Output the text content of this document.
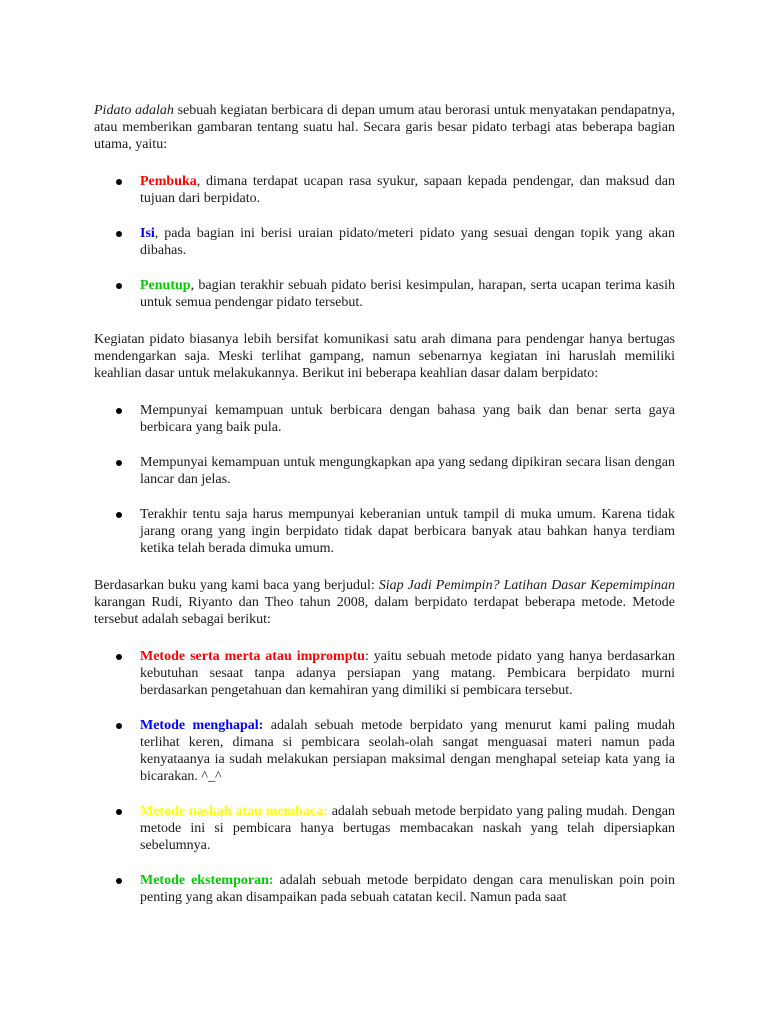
Pidato adalah sebuah kegiatan berbicara di depan umum atau berorasi untuk menyatakan pendapatnya, atau memberikan gambaran tentang suatu hal. Secara garis besar pidato terbagi atas beberapa bagian utama, yaitu:

Pembuka, dimana terdapat ucapan rasa syukur, sapaan kepada pendengar, dan maksud dan tujuan dari berpidato.
Isi, pada bagian ini berisi uraian pidato/meteri pidato yang sesuai dengan topik yang akan dibahas.
Penutup, bagian terakhir sebuah pidato berisi kesimpulan, harapan, serta ucapan terima kasih untuk semua pendengar pidato tersebut.

Kegiatan pidato biasanya lebih bersifat komunikasi satu arah dimana para pendengar hanya bertugas mendengarkan saja. Meski terlihat gampang, namun sebenarnya kegiatan ini haruslah memiliki keahlian dasar untuk melakukannya. Berikut ini beberapa keahlian dasar dalam berpidato:

Mempunyai kemampuan untuk berbicara dengan bahasa yang baik dan benar serta gaya berbicara yang baik pula.
Mempunyai kemampuan untuk mengungkapkan apa yang sedang dipikiran secara lisan dengan lancar dan jelas.
Terakhir tentu saja harus mempunyai keberanian untuk tampil di muka umum. Karena tidak jarang orang yang ingin berpidato tidak dapat berbicara banyak atau bahkan hanya terdiam ketika telah berada dimuka umum.

Berdasarkan buku yang kami baca yang berjudul: Siap Jadi Pemimpin? Latihan Dasar Kepemimpinan karangan Rudi, Riyanto dan Theo tahun 2008, dalam berpidato terdapat beberapa metode. Metode tersebut adalah sebagai berikut:

Metode serta merta atau impromptu: yaitu sebuah metode pidato yang hanya berdasarkan kebutuhan sesaat tanpa adanya persiapan yang matang. Pembicara berpidato murni berdasarkan pengetahuan dan kemahiran yang dimiliki si pembicara tersebut.
Metode menghapal: adalah sebuah metode berpidato yang menurut kami paling mudah terlihat keren, dimana si pembicara seolah-olah sangat menguasai materi namun pada kenyataanya ia sudah melakukan persiapan maksimal dengan menghapal seteiap kata yang ia bicarakan. ^_^
Metode naskah atau membaca: adalah sebuah metode berpidato yang paling mudah. Dengan metode ini si pembicara hanya bertugas membacakan naskah yang telah dipersiapkan sebelumnya.
Metode ekstemporan: adalah sebuah metode berpidato dengan cara menuliskan poin poin penting yang akan disampaikan pada sebuah catatan kecil. Namun pada saat
